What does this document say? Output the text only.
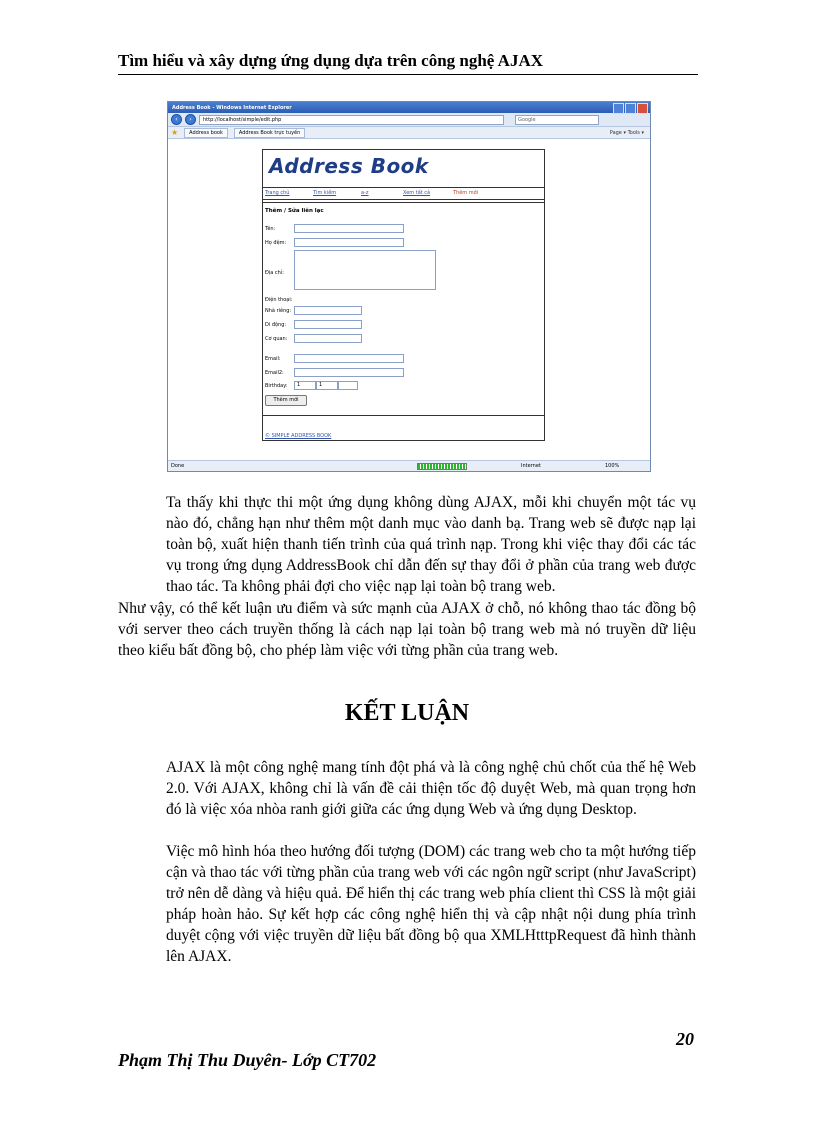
Tìm hiểu và xây dựng ứng dụng dựa trên công nghệ AJAX
Address Book - Windows Internet Explorer
‹	›	http://localhost/simple/edit.php	Google
★	Address book	Address Book trực tuyến	Page ▾ Tools ▾
Address Book
Trang chủ	Tìm kiếm	a-z	Xem tất cả	Thêm mới
Thêm / Sửa liên lạc
Tên:
Họ đệm:
Địa chỉ:
Điện thoại:
Nhà riêng:
Di động:
Cơ quan:
Email:
Email2:
Birthday:	1	1
Thêm mới
© SIMPLE ADDRESS BOOK
Done	Internet	100%
Ta thấy khi thực thi một ứng dụng không dùng AJAX, mỗi khi chuyển một tác vụ nào đó, chẳng hạn như thêm một danh mục vào danh bạ. Trang web sẽ được nạp lại toàn bộ, xuất hiện thanh tiến trình của quá trình nạp. Trong khi việc thay đổi các tác vụ trong ứng dụng AddressBook chỉ dẫn đến sự thay đổi ở phần của trang web được thao tác. Ta không phải đợi cho việc nạp lại toàn bộ trang web.
Như vậy, có thể kết luận ưu điểm và sức mạnh của AJAX ở chỗ, nó không thao tác đồng bộ với server theo cách truyền thống là cách nạp lại toàn bộ trang web mà nó truyền dữ liệu theo kiểu bất đồng bộ, cho phép làm việc với từng phần của trang web.
KẾT LUẬN
AJAX là một công nghệ mang tính đột phá và là công nghệ chủ chốt của thế hệ Web 2.0. Với AJAX, không chỉ là vấn đề cải thiện tốc độ duyệt Web, mà quan trọng hơn đó là việc xóa nhòa ranh giới giữa các ứng dụng Web và ứng dụng Desktop.
Việc mô hình hóa theo hướng đối tượng (DOM) các trang web cho ta một hướng tiếp cận và thao tác với từng phần của trang web với các ngôn ngữ script (như JavaScript) trở nên dễ dàng và hiệu quả. Để hiển thị các trang web phía client thì CSS là một giải pháp hoàn hảo. Sự kết hợp các công nghệ hiển thị và cập nhật nội dung phía trình duyệt cộng với việc truyền dữ liệu bất đồng bộ qua XMLHtttpRequest đã hình thành lên AJAX.
20
Phạm Thị Thu Duyên- Lớp CT702
